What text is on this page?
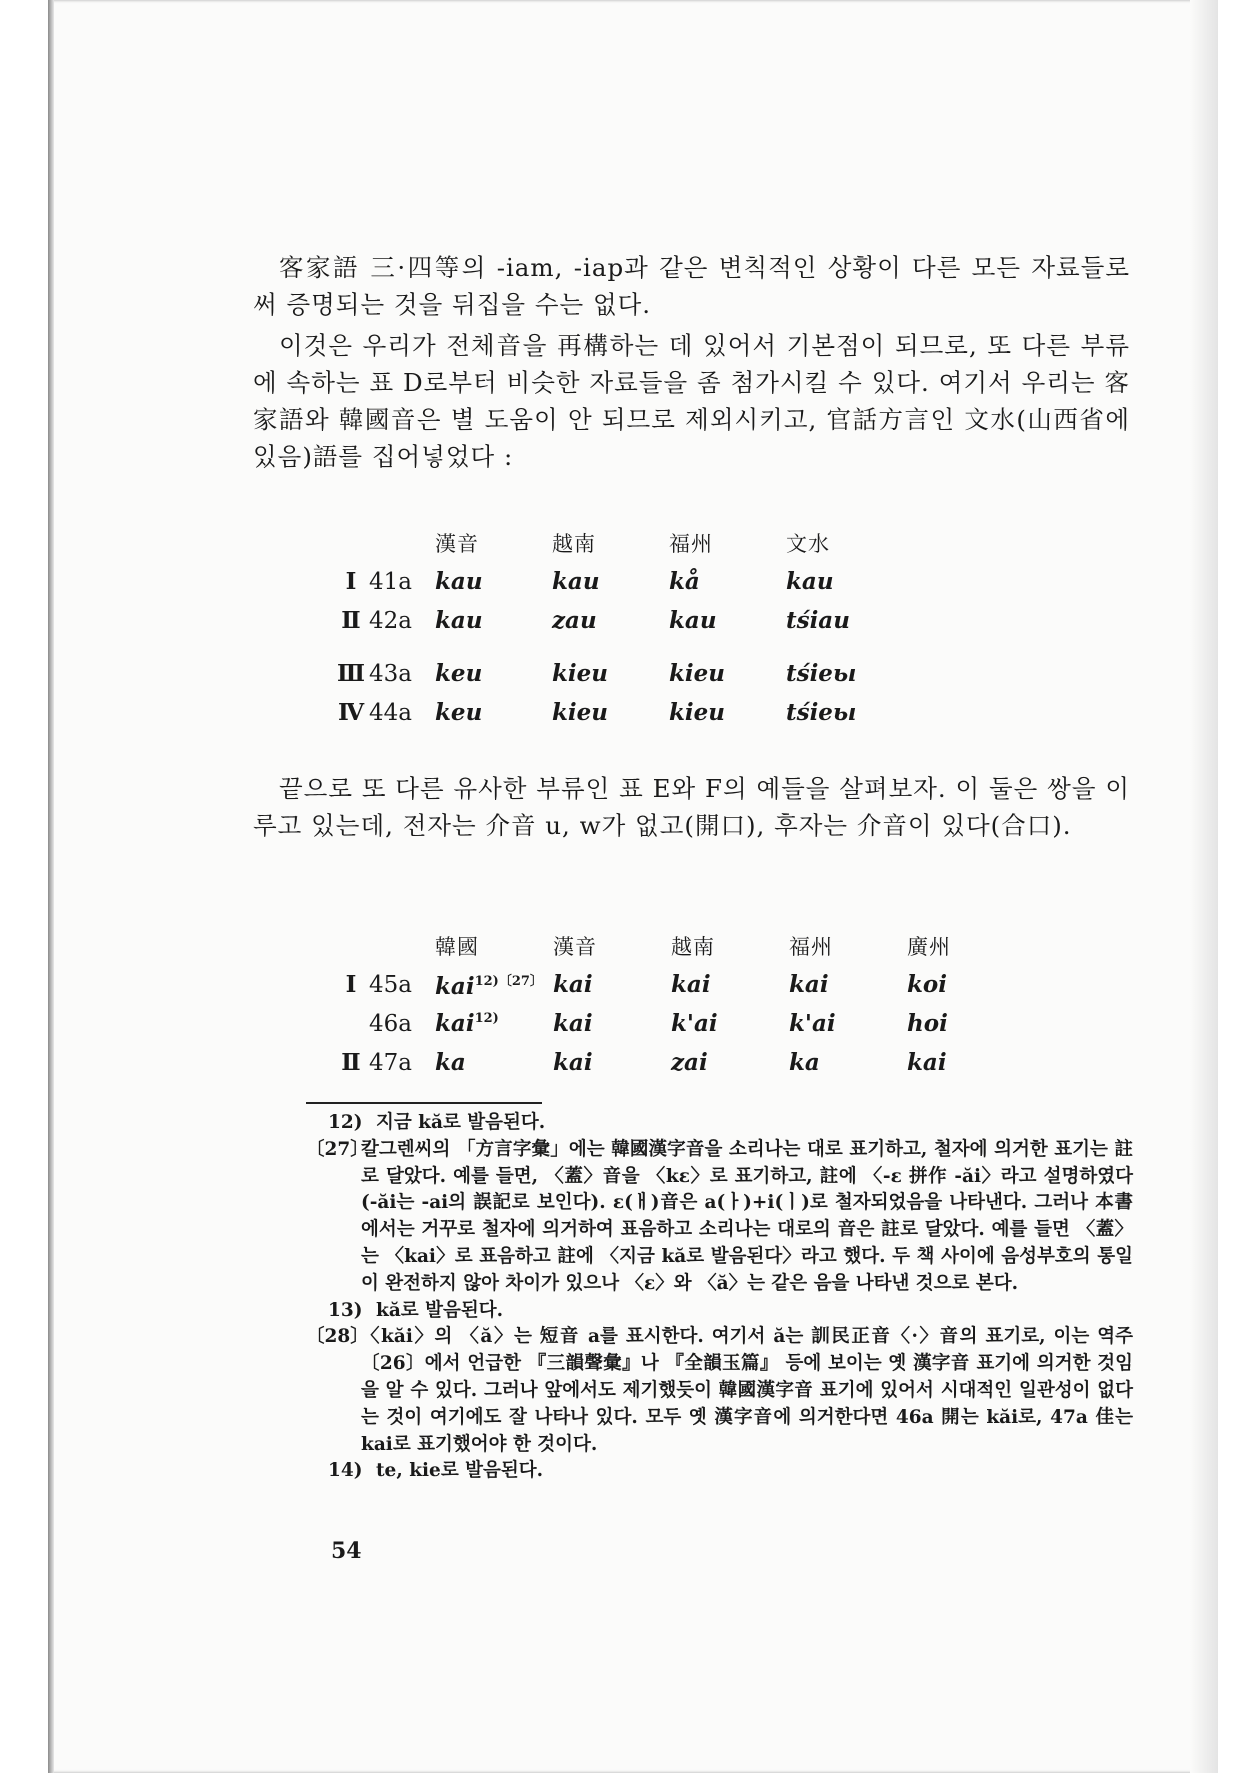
客家語 三·四等의 -iam, -iap과 같은 변칙적인 상황이 다른 모든 자료들로써 증명되는 것을 뒤집을 수는 없다.

이것은 우리가 전체音을 再構하는 데 있어서 기본점이 되므로, 또 다른 부류에 속하는 표 D로부터 비슷한 자료들을 좀 첨가시킬 수 있다. 여기서 우리는 客家語와 韓國音은 별 도움이 안 되므로 제외시키고, 官話方言인 文水(山西省에 있음)語를 집어넣었다 :

		漢音	越南	福州	文水
Ⅰ	41a	kau	kau	kå	kau
Ⅱ	42a	kau	zau	kau	tśiau

Ⅲ	43a	keu	kieu	kieu	tśieы
Ⅳ	44a	keu	kieu	kieu	tśieы

끝으로 또 다른 유사한 부류인 표 E와 F의 예들을 살펴보자. 이 둘은 쌍을 이루고 있는데, 전자는 介音 u, w가 없고(開口), 후자는 介音이 있다(合口).

		韓國	漢音	越南	福州	廣州
Ⅰ	45a	kai$^{12)〔27〕}$	kai	kai	kai	koi
	46a	kai$^{12)}$	kai	k'ai	k'ai	hoi
Ⅱ	47a	ka	kai	zai	ka	kai
12) 지금 kă로 발음된다.
〔27〕
칼그렌씨의 「方言字彙」에는 韓國漢字音을 소리나는 대로 표기하고, 철자에 의거한 표기는 註로 달았다. 예를 들면, 〈蓋〉音을 〈kɛ〉로 표기하고, 註에 〈-ɛ 拼作 -ăi〉라고 설명하였다(-ăi는 -ai의 誤記로 보인다). ɛ(ㅐ)音은 a(ㅏ)+i(ㅣ)로 철자되었음을 나타낸다. 그러나 本書에서는 거꾸로 철자에 의거하여 표음하고 소리나는 대로의 音은 註로 달았다. 예를 들면 〈蓋〉는 〈kai〉로 표음하고 註에 〈지금 kă로 발음된다〉라고 했다. 두 책 사이에 음성부호의 통일이 완전하지 않아 차이가 있으나 〈ɛ〉와 〈ă〉는 같은 음을 나타낸 것으로 본다.
13) kă로 발음된다.
〔28〕
〈kăi〉의 〈ă〉는 短音 a를 표시한다. 여기서 ă는 訓民正音〈·〉音의 표기로, 이는 역주 〔26〕에서 언급한 『三韻聲彙』나 『全韻玉篇』 등에 보이는 옛 漢字音 표기에 의거한 것임을 알 수 있다. 그러나 앞에서도 제기했듯이 韓國漢字音 표기에 있어서 시대적인 일관성이 없다는 것이 여기에도 잘 나타나 있다. 모두 옛 漢字音에 의거한다면 46a 開는 kăi로, 47a 佳는 kai로 표기했어야 한 것이다.
14) te, kie로 발음된다.
54
